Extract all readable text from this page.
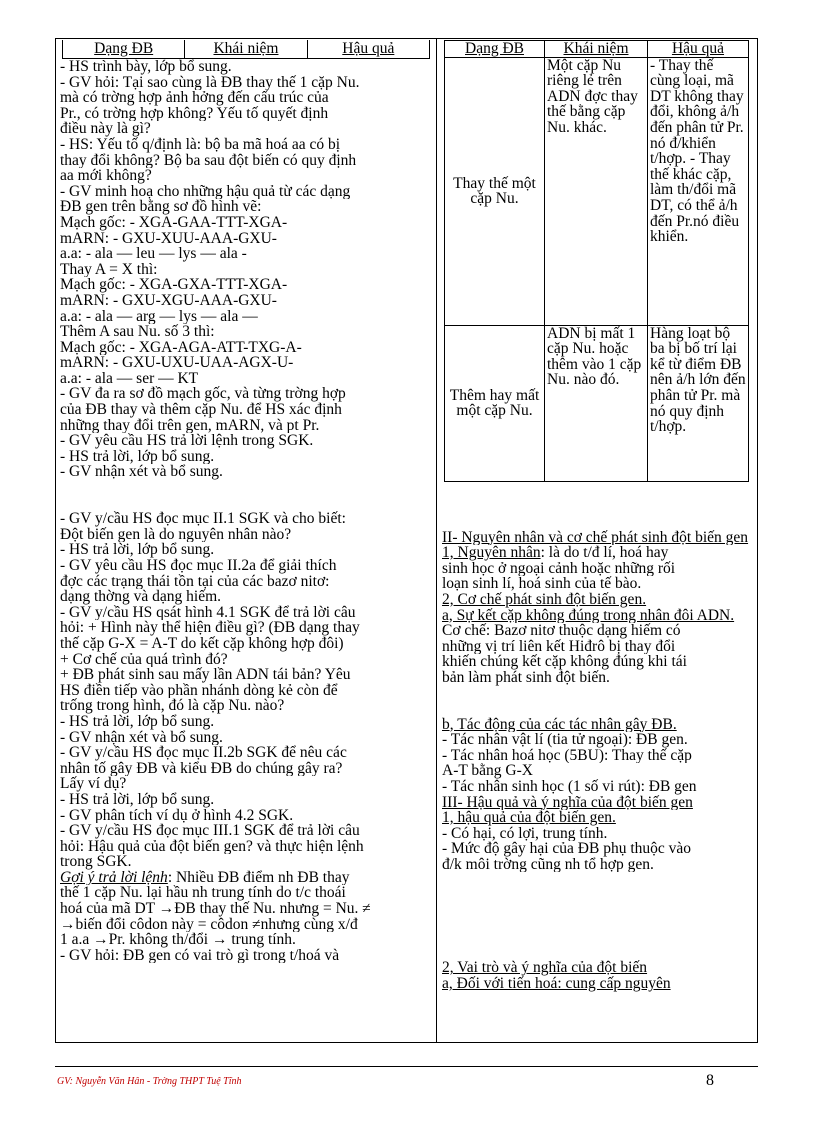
Dạng ĐB	Khái niệm	Hậu quả

- HS trình bày, lớp bổ sung.

- GV hỏi: Tại sao cùng là ĐB thay thế 1 cặp Nu.

mà có trờng hợp ảnh hởng đến cấu trúc của

Pr., có trờng hợp không? Yếu tố quyết định

điều này là gì?

- HS: Yếu tố q/định là: bộ ba mã hoá aa có bị

thay đổi không? Bộ ba sau đột biến có quy định

aa mới không?

- GV minh hoạ cho những hậu quả từ các dạng

ĐB gen trên bằng sơ đồ hình vẽ:

Mạch gốc: - XGA-GAA-TTT-XGA-

mARN: - GXU-XUU-AAA-GXU-

a.a: - ala — leu — lys — ala -

Thay A = X thì:

Mạch gốc: - XGA-GXA-TTT-XGA-

mARN: - GXU-XGU-AAA-GXU-

a.a: - ala — arg — lys — ala —

Thêm A sau Nu. số 3 thì:

Mạch gốc: - XGA-AGA-ATT-TXG-A-

mARN: - GXU-UXU-UAA-AGX-U-

a.a: - ala — ser — KT

- GV đa ra sơ đồ mạch gốc, và từng trờng hợp

của ĐB thay và thêm cặp Nu. để HS xác định

những thay đổi trên gen, mARN, và pt Pr.

- GV yêu cầu HS trả lời lệnh trong SGK.

- HS trả lời, lớp bổ sung.

- GV nhận xét và bổ sung.

- GV y/cầu HS đọc mục II.1 SGK và cho biết:

Đột biến gen là do nguyên nhân nào?

- HS trả lời, lớp bổ sung.

- GV yêu cầu HS đọc mục II.2a để giải thích

đợc các trạng thái tồn tại của các bazơ nitơ:

dạng thờng và dạng hiếm.

- GV y/cầu HS qsát hình 4.1 SGK để trả lời câu

hỏi: + Hình này thể hiện điều gì? (ĐB dạng thay

thế cặp G-X = A-T do kết cặp không hợp đôi)

+ Cơ chế của quá trình đó?

+ ĐB phát sinh sau mấy lần ADN tái bản? Yêu

HS điền tiếp vào phần nhánh dòng kẻ còn để

trống trong hình, đó là cặp Nu. nào?

- HS trả lời, lớp bổ sung.

- GV nhận xét và bổ sung.

- GV y/cầu HS đọc mục II.2b SGK để nêu các

nhân tố gây ĐB và kiểu ĐB do chúng gây ra?

Lấy ví dụ?

- HS trả lời, lớp bổ sung.

- GV phân tích ví dụ ở hình 4.2 SGK.

- GV y/cầu HS đọc mục III.1 SGK để trả lời câu

hỏi: Hậu quả của đột biến gen? và thực hiện lệnh

trong SGK.

Gợi ý trả lời lệnh: Nhiều ĐB điểm nh ĐB thay

thế 1 cặp Nu. lại hầu nh trung tính do t/c thoái

hoá của mã DT →ĐB thay thế Nu. nhưng = Nu. ≠

→biến đổi côdon này = côdon ≠nhưng cùng x/đ

1 a.a →Pr. không th/đổi → trung tính.

- GV hỏi: ĐB gen có vai trò gì trong t/hoá và

Dạng ĐB	Khái niệm	Hậu quả
Thay thế một cặp Nu.	Một cặp Nu riêng lẻ trên ADN đợc thay thế bằng cặp Nu. khác.	- Thay thế cùng loại, mã DT không thay đổi, không ả/h đến phân tử Pr. nó đ/khiển t/hợp. - Thay thế khác cặp, làm th/đổi mã DT, có thể ả/h đến Pr.nó điều khiển.
Thêm hay mất một cặp Nu.	ADN bị mất 1 cặp Nu. hoặc thêm vào 1 cặp Nu. nào đó.	Hàng loạt bộ ba bị bố trí lại kể từ điểm ĐB nên ả/h lớn đến phân tử Pr. mà nó quy định t/hợp.

II- Nguyên nhân và cơ chế phát sinh đột biến gen

1, Nguyên nhân: là do t/đ lí, hoá hay

sinh học ở ngoại cảnh hoặc những rối

loạn sinh lí, hoá sinh của tế bào.

2, Cơ chế phát sinh đột biến gen.

a, Sự kết cặp không đúng trong nhân đôi ADN.

Cơ chế: Bazơ nitơ thuộc dạng hiếm có

những vị trí liên kết Hiđrô bị thay đổi

khiến chúng kết cặp không đúng khi tái

bản làm phát sinh đột biến.

b, Tác động của các tác nhân gây ĐB.

- Tác nhân vật lí (tia tử ngoại): ĐB gen.

- Tác nhân hoá học (5BU): Thay thế cặp

A-T bằng G-X

- Tác nhân sinh học (1 số vi rút): ĐB gen

III- Hậu quả và ý nghĩa của đột biến gen

1, hậu quả của đột biến gen.

- Có hại, có lợi, trung tính.

- Mức độ gây hại của ĐB phụ thuộc vào

đ/k môi trờng cũng nh tổ hợp gen.

2, Vai trò và ý nghĩa của đột biến

a, Đối với tiến hoá: cung cấp nguyên

GV: Nguyễn Văn Hân - Trờng THPT Tuệ Tĩnh	8
